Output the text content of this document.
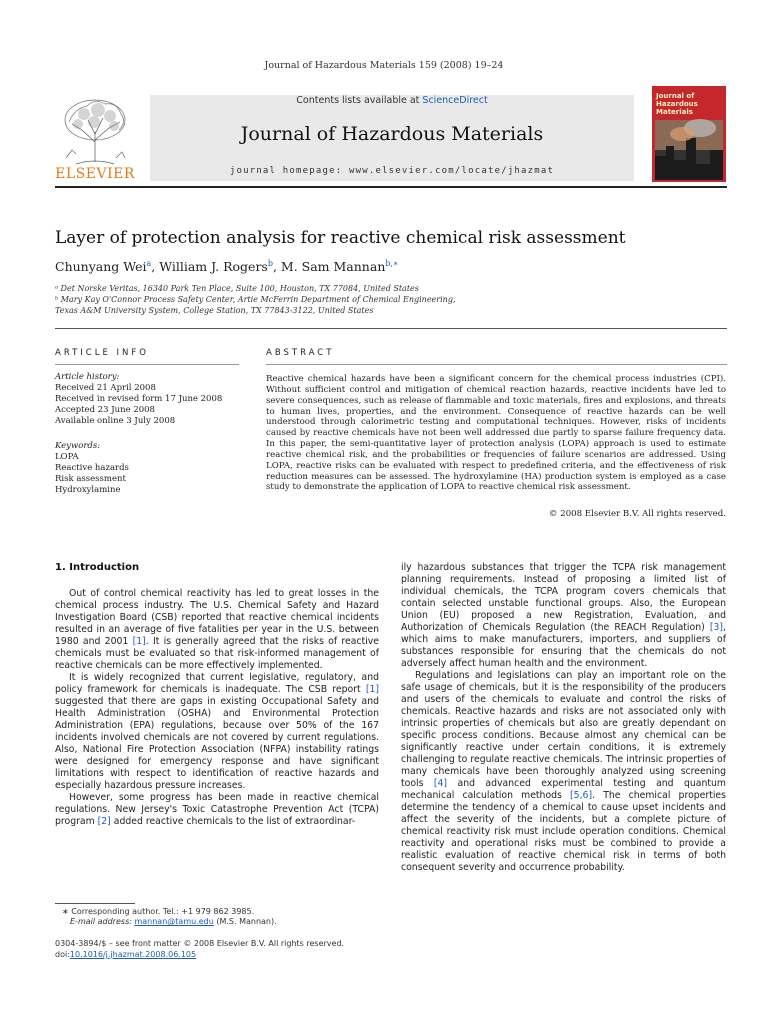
Journal of Hazardous Materials 159 (2008) 19–24
ELSEVIER
Contents lists available at ScienceDirect
Journal of Hazardous Materials
journal homepage: www.elsevier.com/locate/jhazmat
Journal of Hazardous Materials
Layer of protection analysis for reactive chemical risk assessment
Chunyang Wei$^a$, William J. Rogers$^b$, M. Sam Mannan$^{b,∗}$
ᵃ Det Norske Veritas, 16340 Park Ten Place, Suite 100, Houston, TX 77084, United States
ᵇ Mary Kay O'Connor Process Safety Center, Artie McFerrin Department of Chemical Engineering,
Texas A&M University System, College Station, TX 77843-3122, United States
ARTICLE INFO
Article history:
Received 21 April 2008
Received in revised form 17 June 2008
Accepted 23 June 2008
Available online 3 July 2008
Keywords:
LOPA
Reactive hazards
Risk assessment
Hydroxylamine
ABSTRACT
Reactive chemical hazards have been a significant concern for the chemical process industries (CPI). Without sufficient control and mitigation of chemical reaction hazards, reactive incidents have led to severe consequences, such as release of flammable and toxic materials, fires and explosions, and threats to human lives, properties, and the environment. Consequence of reactive hazards can be well understood through calorimetric testing and computational techniques. However, risks of incidents caused by reactive chemicals have not been well addressed due partly to sparse failure frequency data. In this paper, the semi-quantitative layer of protection analysis (LOPA) approach is used to estimate reactive chemical risk, and the probabilities or frequencies of failure scenarios are addressed. Using LOPA, reactive risks can be evaluated with respect to predefined criteria, and the effectiveness of risk reduction measures can be assessed. The hydroxylamine (HA) production system is employed as a case study to demonstrate the application of LOPA to reactive chemical risk assessment.
© 2008 Elsevier B.V. All rights reserved.
1. Introduction

Out of control chemical reactivity has led to great losses in the chemical process industry. The U.S. Chemical Safety and Hazard Investigation Board (CSB) reported that reactive chemical incidents resulted in an average of five fatalities per year in the U.S. between 1980 and 2001 [1]. It is generally agreed that the risks of reactive chemicals must be evaluated so that risk-informed management of reactive chemicals can be more effectively implemented.

It is widely recognized that current legislative, regulatory, and policy framework for chemicals is inadequate. The CSB report [1] suggested that there are gaps in existing Occupational Safety and Health Administration (OSHA) and Environmental Protection Administration (EPA) regulations, because over 50% of the 167 incidents involved chemicals are not covered by current regulations. Also, National Fire Protection Association (NFPA) instability ratings were designed for emergency response and have significant limitations with respect to identification of reactive hazards and especially hazardous pressure increases.

However, some progress has been made in reactive chemical regulations. New Jersey's Toxic Catastrophe Prevention Act (TCPA) program [2] added reactive chemicals to the list of extraordinar-

ily hazardous substances that trigger the TCPA risk management planning requirements. Instead of proposing a limited list of individual chemicals, the TCPA program covers chemicals that contain selected unstable functional groups. Also, the European Union (EU) proposed a new Registration, Evaluation, and Authorization of Chemicals Regulation (the REACH Regulation) [3], which aims to make manufacturers, importers, and suppliers of substances responsible for ensuring that the chemicals do not adversely affect human health and the environment.

Regulations and legislations can play an important role on the safe usage of chemicals, but it is the responsibility of the producers and users of the chemicals to evaluate and control the risks of chemicals. Reactive hazards and risks are not associated only with intrinsic properties of chemicals but also are greatly dependant on specific process conditions. Because almost any chemical can be significantly reactive under certain conditions, it is extremely challenging to regulate reactive chemicals. The intrinsic properties of many chemicals have been thoroughly analyzed using screening tools [4] and advanced experimental testing and quantum mechanical calculation methods [5,6]. The chemical properties determine the tendency of a chemical to cause upset incidents and affect the severity of the incidents, but a complete picture of chemical reactivity risk must include operation conditions. Chemical reactivity and operational risks must be combined to provide a realistic evaluation of reactive chemical risk in terms of both consequent severity and occurrence probability.

∗ Corresponding author. Tel.: +1 979 862 3985.
E-mail address: mannan@tamu.edu (M.S. Mannan).
0304-3894/$ – see front matter © 2008 Elsevier B.V. All rights reserved.
doi:10.1016/j.jhazmat.2008.06.105
